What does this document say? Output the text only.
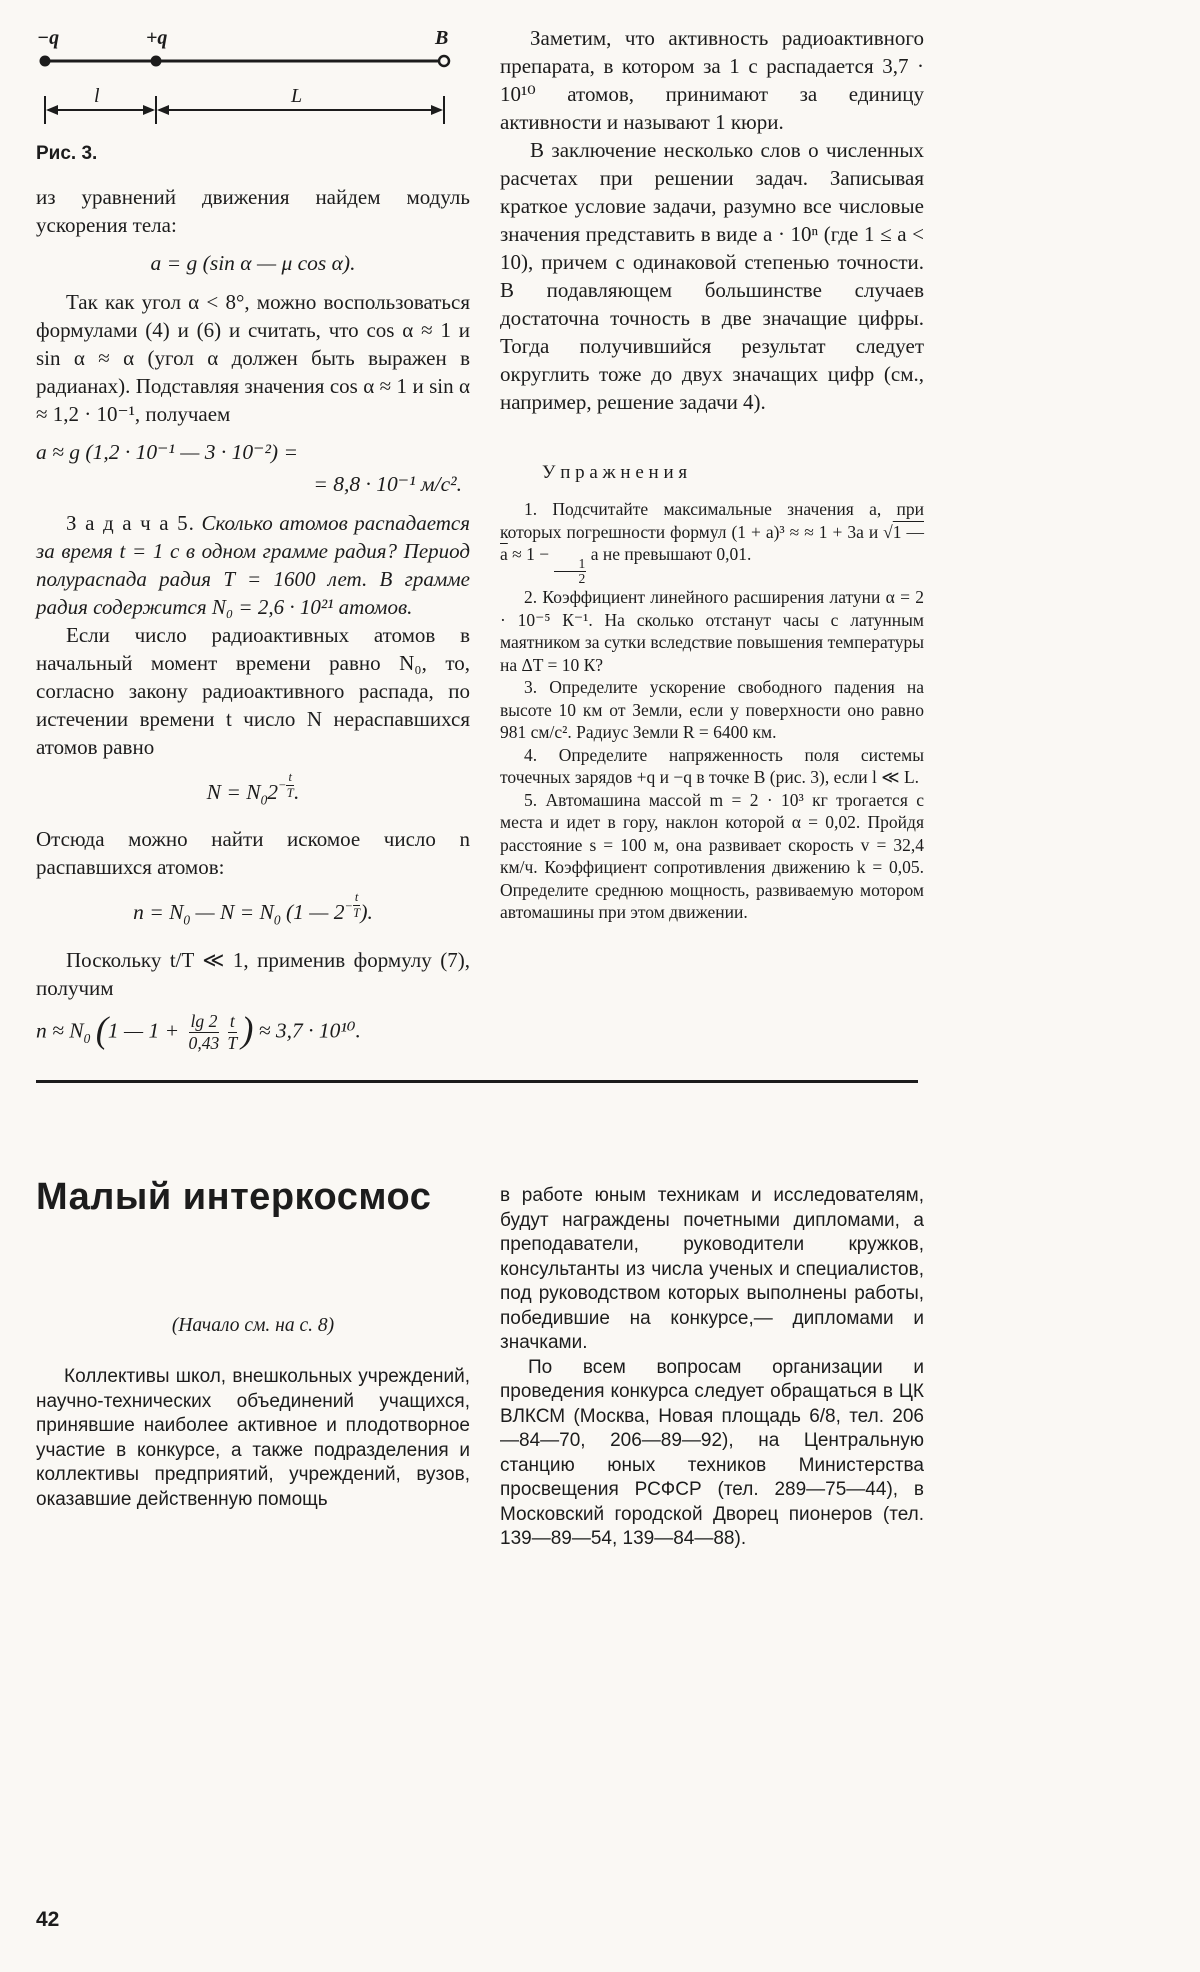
−q	+q	B
l	L
Рис. 3.

из уравнений движения найдем модуль ускорения тела:

a = g (sin α — μ cos α).

Так как угол α < 8°, можно воспользоваться формулами (4) и (6) и считать, что cos α ≈ 1 и sin α ≈ α (угол α должен быть выражен в радианах). Подставляя значения cos α ≈ 1 и sin α ≈ 1,2 · 10⁻¹, получаем

a ≈ g (1,2 · 10⁻¹ — 3 · 10⁻²) =
= 8,8 · 10⁻¹ м/с².

З а д а ч а 5. Сколько атомов распадается за время t = 1 с в одном грамме радия? Период полураспада радия T = 1600 лет. В грамме радия содержится N₀ = 2,6 · 10²¹ атомов.

Если число радиоактивных атомов в начальный момент времени равно N₀, то, согласно закону радиоактивного распада, по истечении времени t число N нераспавшихся атомов равно

$N = N_02 - \frac{t}{T}$ .

Отсюда можно найти искомое число n распавшихся атомов:

$n = N_0$ — $N = N_0$ (1 — $2 - \frac{t}{T}$ ).

Поскольку t/T ≪ 1, применив формулу (7), получим

$n \approx N_0$ (1 — $1 + \frac{\lg 2}{0,43} \frac{t}{T}$ ) ≈ 3,7 · 10¹⁰.

Заметим, что активность радиоактивного препарата, в котором за 1 с распадается 3,7 · 10¹⁰ атомов, принимают за единицу активности и называют 1 кюри.

В заключение несколько слов о численных расчетах при решении задач. Записывая краткое условие задачи, разумно все числовые значения представить в виде a · 10ⁿ (где 1 ≤ a < 10), причем с одинаковой степенью точности. В подавляющем большинстве случаев достаточна точность в две значащие цифры. Тогда получившийся результат следует округлить тоже до двух значащих цифр (см., например, решение задачи 4).

У п р а ж н е н и я

1. Подсчитайте максимальные значения a, при которых погрешности формул (1 + a)³ ≈ ≈ 1 + 3a и √1 — a ≈ 1 −
$\frac{1}{2}$
a не превышают 0,01.

2. Коэффициент линейного расширения латуни α = 2 · 10⁻⁵ К⁻¹. На сколько отстанут часы с латунным маятником за сутки вследствие повышения температуры на ΔT = 10 К?

3. Определите ускорение свободного падения на высоте 10 км от Земли, если у поверхности оно равно 981 см/с². Радиус Земли R = 6400 км.

4. Определите напряженность поля системы точечных зарядов +q и −q в точке B (рис. 3), если l ≪ L.

5. Автомашина массой m = 2 · 10³ кг трогается с места и идет в гору, наклон которой α = 0,02. Пройдя расстояние s = 100 м, она развивает скорость v = 32,4 км/ч. Коэффициент сопротивления движению k = 0,05. Определите среднюю мощность, развиваемую мотором автомашины при этом движении.

Малый интеркосмос

(Начало см. на с. 8)

Коллективы школ, внешкольных учреждений, научно-технических объединений учащихся, принявшие наиболее активное и плодотворное участие в конкурсе, а также подразделения и коллективы предприятий, учреждений, вузов, оказавшие действенную помощь

в работе юным техникам и исследователям, будут награждены почетными дипломами, а преподаватели, руководители кружков, консультанты из числа ученых и специалистов, под руководством которых выполнены работы, победившие на конкурсе,— дипломами и значками.

По всем вопросам организации и проведения конкурса следует обращаться в ЦК ВЛКСМ (Москва, Новая площадь 6/8, тел. 206—84—70, 206—89—92), на Центральную станцию юных техников Министерства просвещения РСФСР (тел. 289—75—44), в Московский городской Дворец пионеров (тел. 139—89—54, 139—84—88).

42
